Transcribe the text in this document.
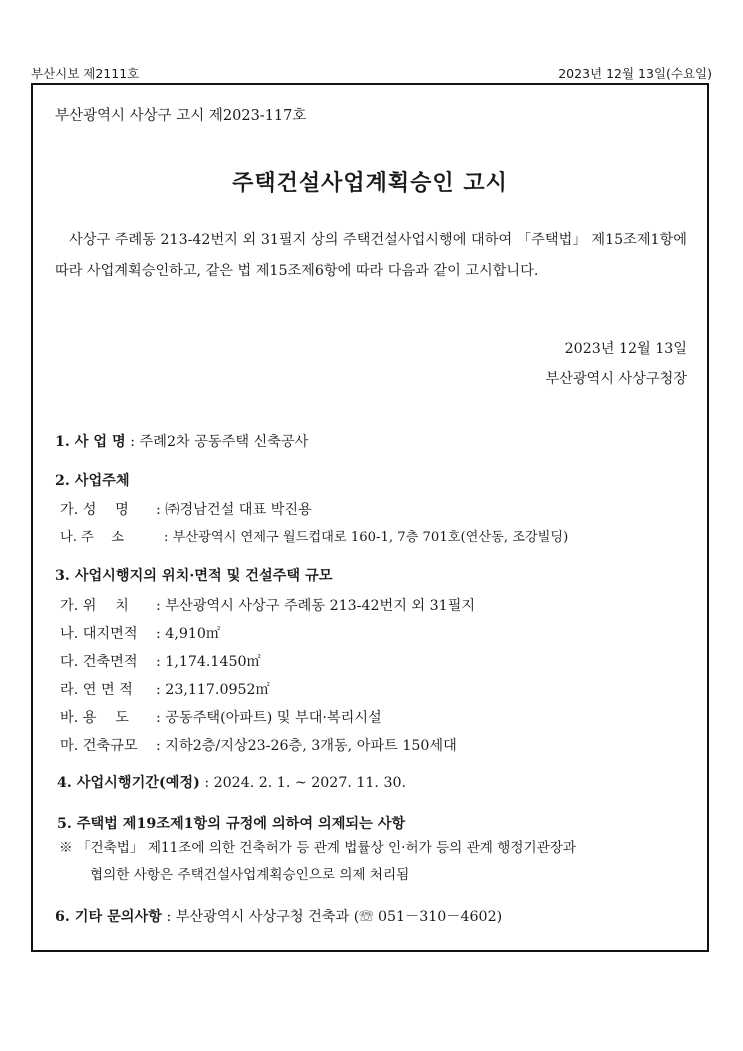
부산시보 제2111호	2023년 12월 13일(수요일)
부산광역시 사상구 고시 제2023-117호
주택건설사업계획승인 고시
사상구 주례동 213-42번지 외 31필지 상의 주택건설사업시행에 대하여 「주택법」 제15조제1항에 따라 사업계획승인하고, 같은 법 제15조제6항에 따라 다음과 같이 고시합니다.
2023년 12월 13일
부산광역시 사상구청장
1. 사 업 명 : 주례2차 공동주택 신축공사
2. 사업주체
가. 성　 명 : ㈜경남건설 대표 박진용
나. 주　 소	: 부산광역시 연제구 월드컵대로 160-1, 7층 701호(연산동, 조강빌딩)
3. 사업시행지의 위치·면적 및 건설주택 규모
가. 위　 치 : 부산광역시 사상구 주례동 213-42번지 외 31필지
나. 대지면적 : 4,910㎡
다. 건축면적 : 1,174.1450㎡
라. 연 면 적 : 23,117.0952㎡
바. 용　 도 : 공동주택(아파트) 및 부대·복리시설
마. 건축규모 : 지하2층/지상23-26층, 3개동, 아파트 150세대
4. 사업시행기간(예정) : 2024. 2. 1. ~ 2027. 11. 30.
5. 주택법 제19조제1항의 규정에 의하여 의제되는 사항
※ 「건축법」 제11조에 의한 건축허가 등 관계 법률상 인·허가 등의 관계 행정기관장과
협의한 사항은 주택건설사업계획승인으로 의제 처리됨
6. 기타 문의사항 : 부산광역시 사상구청 건축과 (☏ 051－310－4602)
